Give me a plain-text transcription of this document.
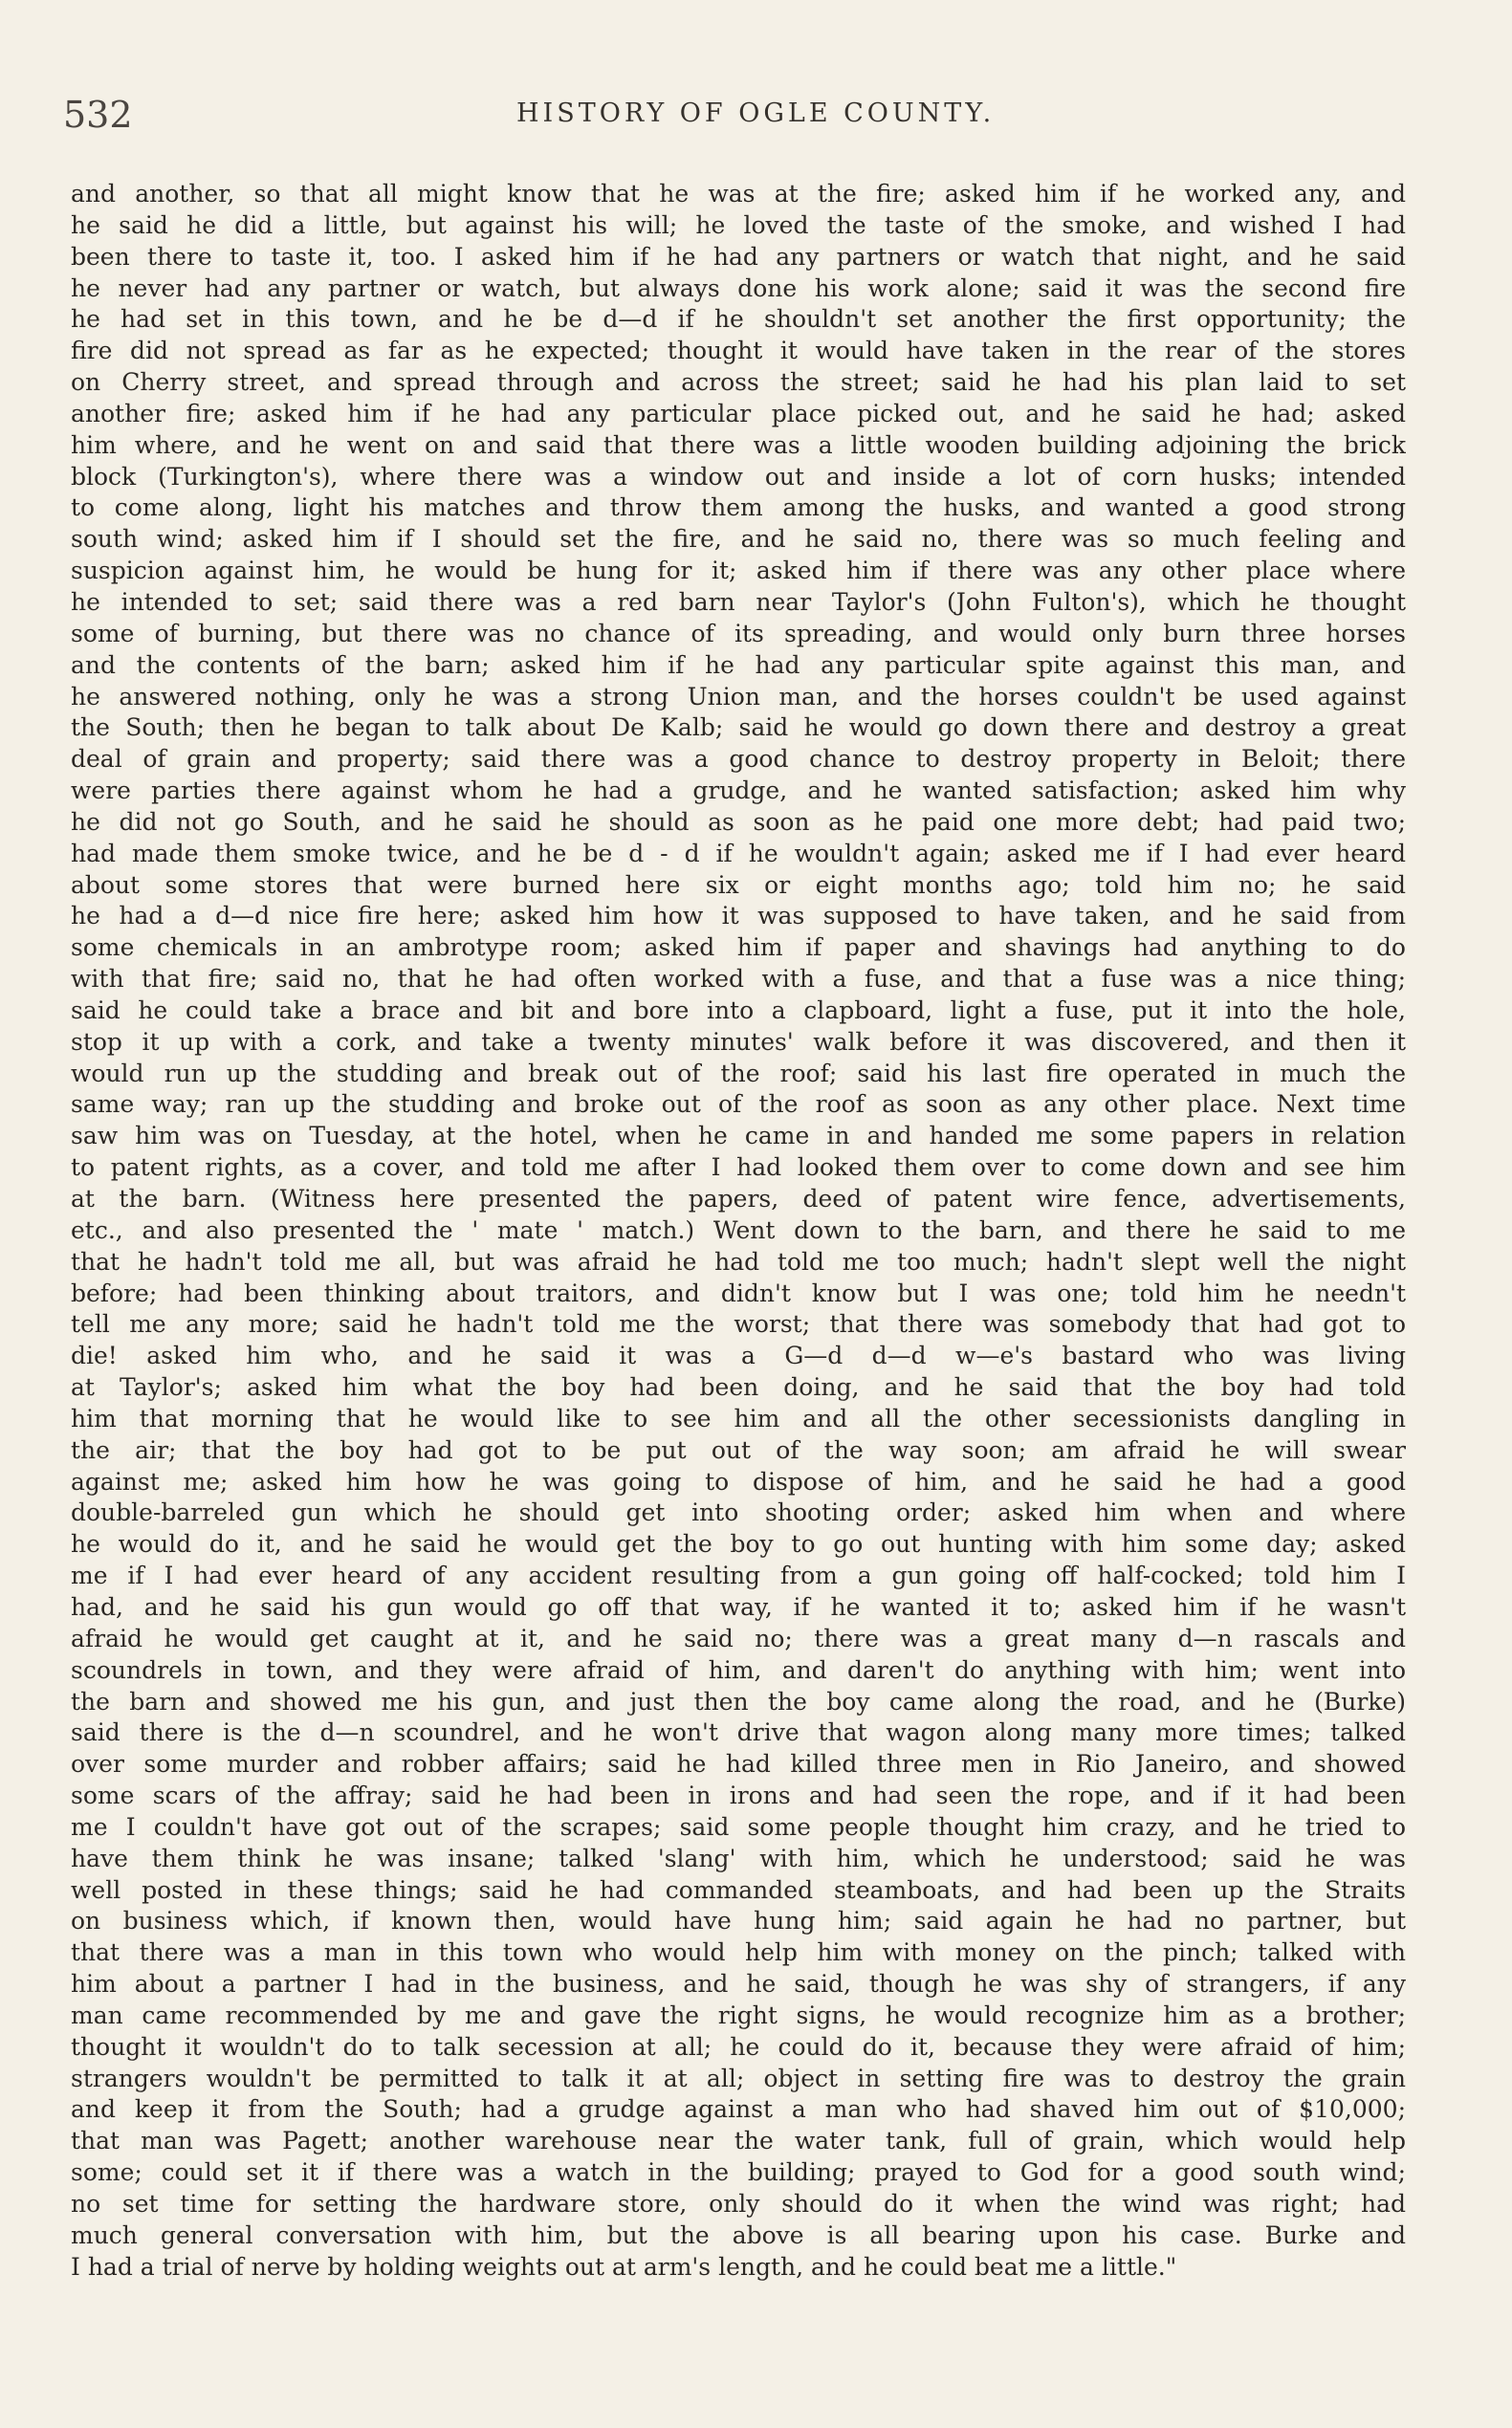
532	HISTORY OF OGLE COUNTY.
and another, so that all might know that he was at the fire; asked him if he worked any, and
he said he did a little, but against his will; he loved the taste of the smoke, and wished I had
been there to taste it, too. I asked him if he had any partners or watch that night, and he said
he never had any partner or watch, but always done his work alone; said it was the second fire
he had set in this town, and he be d—d if he shouldn't set another the first opportunity; the
fire did not spread as far as he expected; thought it would have taken in the rear of the stores
on Cherry street, and spread through and across the street; said he had his plan laid to set
another fire; asked him if he had any particular place picked out, and he said he had; asked
him where, and he went on and said that there was a little wooden building adjoining the brick
block (Turkington's), where there was a window out and inside a lot of corn husks; intended
to come along, light his matches and throw them among the husks, and wanted a good strong
south wind; asked him if I should set the fire, and he said no, there was so much feeling and
suspicion against him, he would be hung for it; asked him if there was any other place where
he intended to set; said there was a red barn near Taylor's (John Fulton's), which he thought
some of burning, but there was no chance of its spreading, and would only burn three horses
and the contents of the barn; asked him if he had any particular spite against this man, and
he answered nothing, only he was a strong Union man, and the horses couldn't be used against
the South; then he began to talk about De Kalb; said he would go down there and destroy a great
deal of grain and property; said there was a good chance to destroy property in Beloit; there
were parties there against whom he had a grudge, and he wanted satisfaction; asked him why
he did not go South, and he said he should as soon as he paid one more debt; had paid two;
had made them smoke twice, and he be d - d if he wouldn't again; asked me if I had ever heard
about some stores that were burned here six or eight months ago; told him no; he said
he had a d—d nice fire here; asked him how it was supposed to have taken, and he said from
some chemicals in an ambrotype room; asked him if paper and shavings had anything to do
with that fire; said no, that he had often worked with a fuse, and that a fuse was a nice thing;
said he could take a brace and bit and bore into a clapboard, light a fuse, put it into the hole,
stop it up with a cork, and take a twenty minutes' walk before it was discovered, and then it
would run up the studding and break out of the roof; said his last fire operated in much the
same way; ran up the studding and broke out of the roof as soon as any other place. Next time
saw him was on Tuesday, at the hotel, when he came in and handed me some papers in relation
to patent rights, as a cover, and told me after I had looked them over to come down and see him
at the barn. (Witness here presented the papers, deed of patent wire fence, advertisements,
etc., and also presented the ' mate ' match.) Went down to the barn, and there he said to me
that he hadn't told me all, but was afraid he had told me too much; hadn't slept well the night
before; had been thinking about traitors, and didn't know but I was one; told him he needn't
tell me any more; said he hadn't told me the worst; that there was somebody that had got to
die! asked him who, and he said it was a G—d d—d w—e's bastard who was living
at Taylor's; asked him what the boy had been doing, and he said that the boy had told
him that morning that he would like to see him and all the other secessionists dangling in
the air; that the boy had got to be put out of the way soon; am afraid he will swear
against me; asked him how he was going to dispose of him, and he said he had a good
double-barreled gun which he should get into shooting order; asked him when and where
he would do it, and he said he would get the boy to go out hunting with him some day; asked
me if I had ever heard of any accident resulting from a gun going off half-cocked; told him I
had, and he said his gun would go off that way, if he wanted it to; asked him if he wasn't
afraid he would get caught at it, and he said no; there was a great many d—n rascals and
scoundrels in town, and they were afraid of him, and daren't do anything with him; went into
the barn and showed me his gun, and just then the boy came along the road, and he (Burke)
said there is the d—n scoundrel, and he won't drive that wagon along many more times; talked
over some murder and robber affairs; said he had killed three men in Rio Janeiro, and showed
some scars of the affray; said he had been in irons and had seen the rope, and if it had been
me I couldn't have got out of the scrapes; said some people thought him crazy, and he tried to
have them think he was insane; talked 'slang' with him, which he understood; said he was
well posted in these things; said he had commanded steamboats, and had been up the Straits
on business which, if known then, would have hung him; said again he had no partner, but
that there was a man in this town who would help him with money on the pinch; talked with
him about a partner I had in the business, and he said, though he was shy of strangers, if any
man came recommended by me and gave the right signs, he would recognize him as a brother;
thought it wouldn't do to talk secession at all; he could do it, because they were afraid of him;
strangers wouldn't be permitted to talk it at all; object in setting fire was to destroy the grain
and keep it from the South; had a grudge against a man who had shaved him out of $10,000;
that man was Pagett; another warehouse near the water tank, full of grain, which would help
some; could set it if there was a watch in the building; prayed to God for a good south wind;
no set time for setting the hardware store, only should do it when the wind was right; had
much general conversation with him, but the above is all bearing upon his case. Burke and
I had a trial of nerve by holding weights out at arm's length, and he could beat me a little."
